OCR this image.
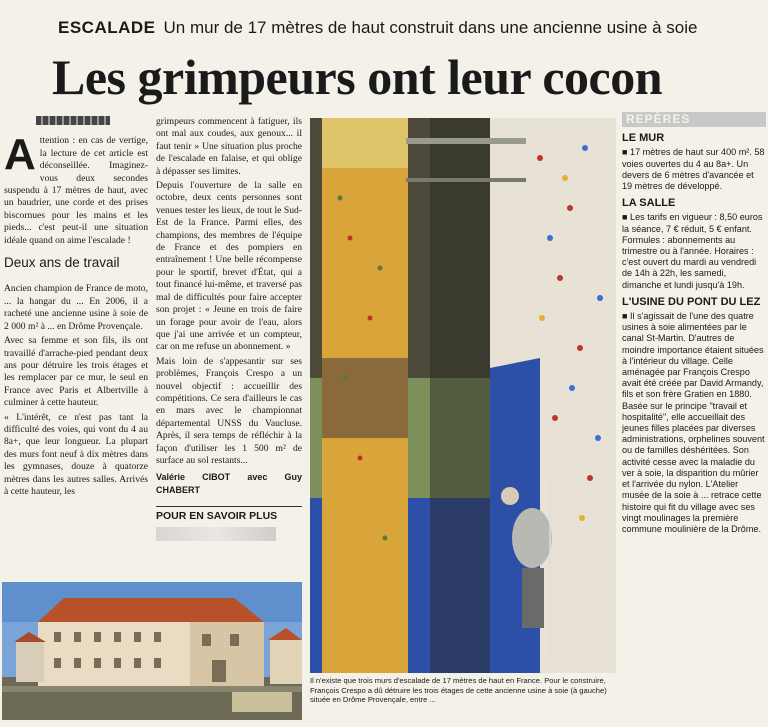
ESCALADE Un mur de 17 mètres de haut construit dans une ancienne usine à soie
Les grimpeurs ont leur cocon

Attention : en cas de vertige, la lecture de cet article est déconseillée. Imaginez-vous deux secondes suspendu à 17 mètres de haut, avec un baudrier, une corde et des prises biscornues pour les mains et les pieds... c'est peut-il une situation idéale quand on aime l'escalade !

Deux ans de travail

Ancien champion de France de moto, ... la hangar du ... En 2006, il a racheté une ancienne usine à soie de 2 000 m² à ... en Drôme Provençale.

Avec sa femme et son fils, ils ont travaillé d'arrache-pied pendant deux ans pour détruire les trois étages et les remplacer par ce mur, le seul en France avec Paris et Albertville à culminer à cette hauteur.

« L'intérêt, ce n'est pas tant la difficulté des voies, qui vont du 4 au 8a+, que leur longueur. La plupart des murs font neuf à dix mètres dans les gymnases, douze à quatorze mètres dans les autres salles. Arrivés à cette hauteur, les

grimpeurs commencent à fatiguer, ils ont mal aux coudes, aux genoux... il faut tenir » Une situation plus proche de l'escalade en falaise, et qui oblige à dépasser ses limites.

Depuis l'ouverture de la salle en octobre, deux cents personnes sont venues tester les lieux, de tout le Sud-Est de la France. Parmi elles, des champions, des membres de l'équipe de France et des pompiers en entraînement ! Une belle récompense pour le sportif, brevet d'État, qui a tout financé lui-même, et traversé pas mal de difficultés pour faire accepter son projet : « Jeune en trois de faire un forage pour avoir de l'eau, alors que j'ai une arrivée et un compteur, car on me refuse un abonnement. »

Mais loin de s'appesantir sur ses problèmes, François Crespo a un nouvel objectif : accueillir des compétitions. Ce sera d'ailleurs le cas en mars avec le championnat départemental UNSS du Vaucluse. Après, il sera temps de réfléchir à la façon d'utiliser les 1 500 m² de surface au sol restants...

Valérie CIBOT avec Guy CHABERT
POUR EN SAVOIR PLUS
Il n'existe que trois murs d'escalade de 17 mètres de haut en France. Pour le construire, François Crespo a dû détruire les trois étages de cette ancienne usine à soie (à gauche) située en Drôme Provençale, entre ...
REPÈRES
LE MUR
■ 17 mètres de haut sur 400 m². 58 voies ouvertes du 4 au 8a+. Un devers de 6 mètres d'avancée et 19 mètres de développé.
LA SALLE
■ Les tarifs en vigueur : 8,50 euros la séance, 7 € réduit, 5 € enfant. Formules : abonnements au trimestre ou à l'année. Horaires : c'est ouvert du mardi au vendredi de 14h à 22h, les samedi, dimanche et lundi jusqu'à 19h.
L'USINE DU PONT DU LEZ
■ Il s'agissait de l'une des quatre usines à soie alimentées par le canal St-Martin. D'autres de moindre importance étaient situées à l'intérieur du village. Celle aménagée par François Crespo avait été créée par David Armandy, fils et son frère Gratien en 1880. Basée sur le principe "travail et hospitalité", elle accueillait des jeunes filles placées par diverses administrations, orphelines souvent ou de familles déshéritées. Son activité cesse avec la maladie du ver à soie, la disparition du mûrier et l'arrivée du nylon. L'Atelier musée de la soie à ... retrace cette histoire qui fit du village avec ses vingt moulinages la première commune moulinière de la Drôme.
